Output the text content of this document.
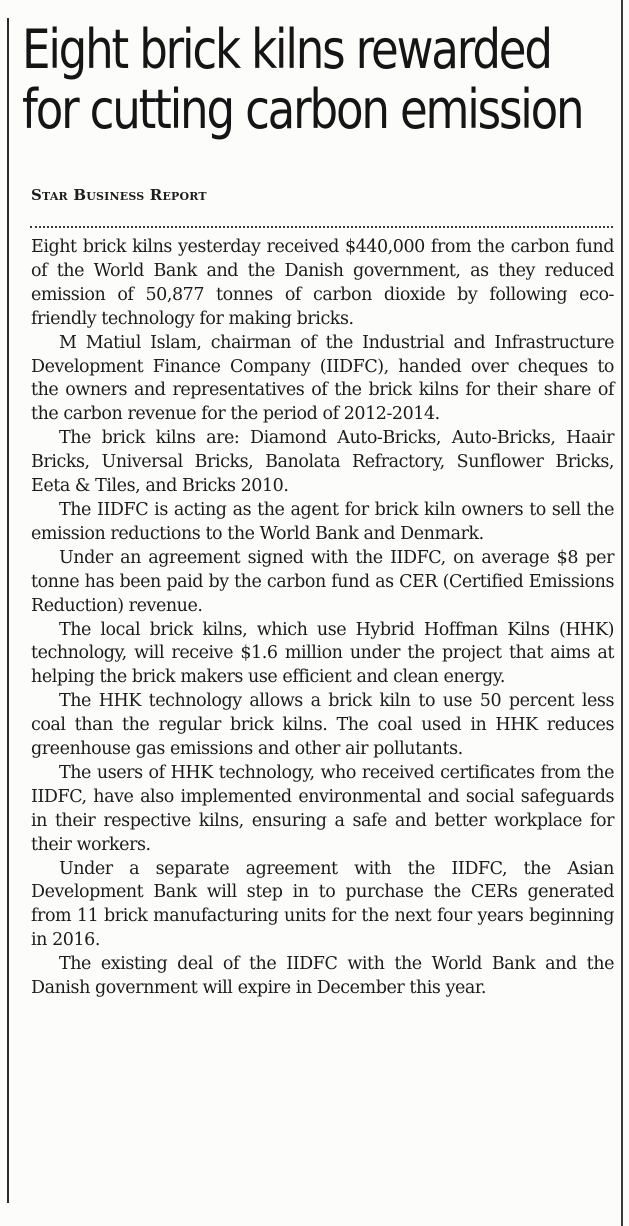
Eight brick kilns rewarded
for cutting carbon emission
Star Business Report

Eight brick kilns yesterday received $440,000 from the carbon fund of the World Bank and the Danish government, as they reduced emission of 50,877 tonnes of carbon dioxide by following eco-friendly technology for making bricks.

M Matiul Islam, chairman of the Industrial and Infrastructure Development Finance Company (IIDFC), handed over cheques to the owners and representatives of the brick kilns for their share of the carbon revenue for the period of 2012-2014.

The brick kilns are: Diamond Auto-Bricks, Auto-Bricks, Haair Bricks, Universal Bricks, Banolata Refractory, Sunflower Bricks, Eeta & Tiles, and Bricks 2010.

The IIDFC is acting as the agent for brick kiln owners to sell the emission reductions to the World Bank and Denmark.

Under an agreement signed with the IIDFC, on average $8 per tonne has been paid by the carbon fund as CER (Certified Emissions Reduction) revenue.

The local brick kilns, which use Hybrid Hoffman Kilns (HHK) technology, will receive $1.6 million under the project that aims at helping the brick makers use efficient and clean energy.

The HHK technology allows a brick kiln to use 50 percent less coal than the regular brick kilns. The coal used in HHK reduces greenhouse gas emissions and other air pollutants.

The users of HHK technology, who received certificates from the IIDFC, have also implemented environmental and social safeguards in their respective kilns, ensuring a safe and better workplace for their workers.

Under a separate agreement with the IIDFC, the Asian Development Bank will step in to purchase the CERs generated from 11 brick manufacturing units for the next four years beginning in 2016.

The existing deal of the IIDFC with the World Bank and the Danish government will expire in December this year.
